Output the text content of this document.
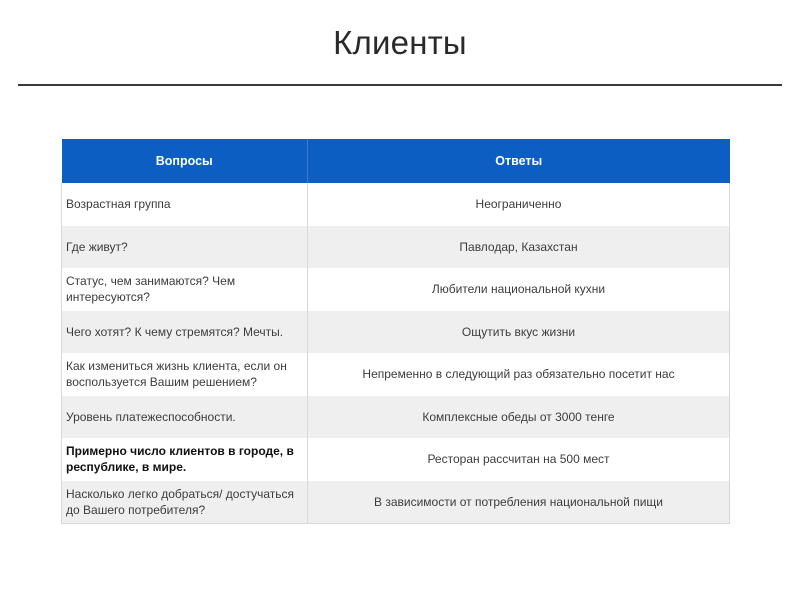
Клиенты
Вопросы	Ответы
Возрастная группа	Неограниченно
Где живут?	Павлодар, Казахстан
Статус, чем занимаются? Чем интересуются?	Любители национальной кухни
Чего хотят? К чему стремятся? Мечты.	Ощутить вкус жизни
Как измениться жизнь клиента, если он воспользуется Вашим решением?	Непременно в следующий раз обязательно посетит нас
Уровень платежеспособности.	Комплексные обеды от 3000 тенге
Примерно число клиентов в городе, в республике, в мире.	Ресторан рассчитан на 500 мест
Насколько легко добраться/ достучаться до Вашего потребителя?	В зависимости от потребления национальной пищи
